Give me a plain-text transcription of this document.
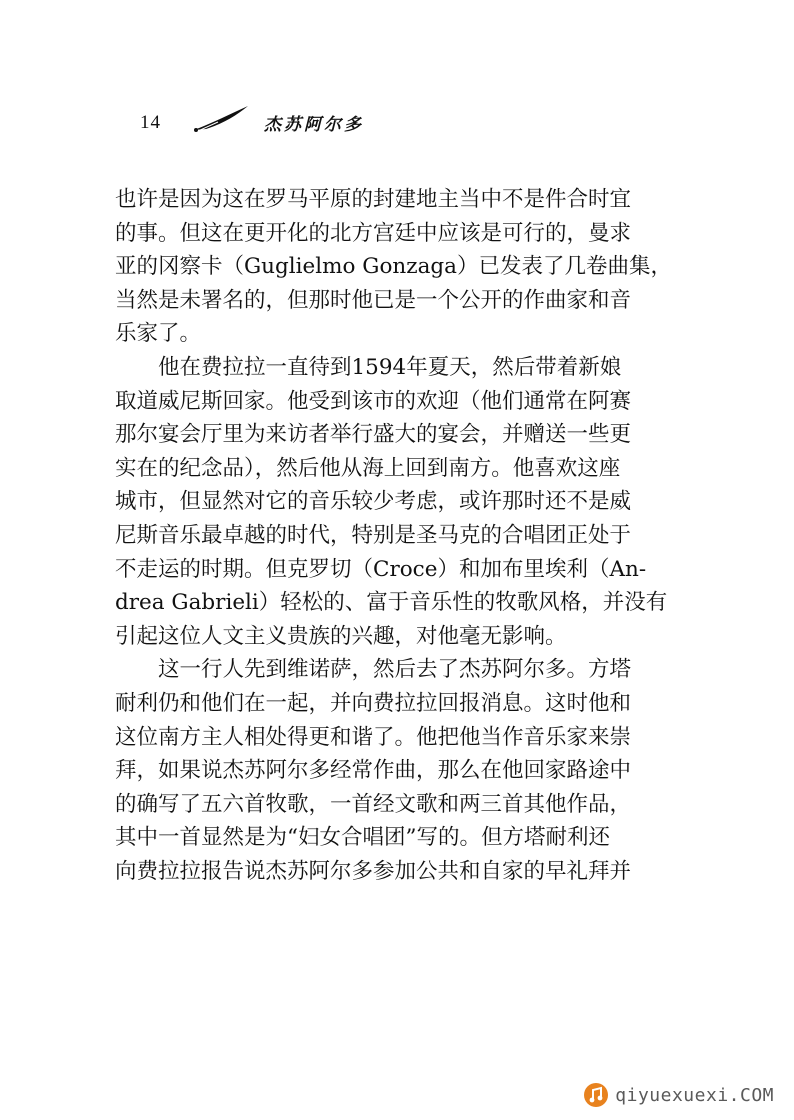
14	杰苏阿尔多
也许是因为这在罗马平原的封建地主当中不是件合时宜
的事。但这在更开化的北方宫廷中应该是可行的，曼求
亚的冈察卡（Guglielmo Gonzaga）已发表了几卷曲集，
当然是未署名的，但那时他已是一个公开的作曲家和音
乐家了。
他在费拉拉一直待到1594年夏天，然后带着新娘
取道威尼斯回家。他受到该市的欢迎（他们通常在阿赛
那尔宴会厅里为来访者举行盛大的宴会，并赠送一些更
实在的纪念品），然后他从海上回到南方。他喜欢这座
城市，但显然对它的音乐较少考虑，或许那时还不是威
尼斯音乐最卓越的时代，特别是圣马克的合唱团正处于
不走运的时期。但克罗切（Croce）和加布里埃利（An-
drea Gabrieli）轻松的、富于音乐性的牧歌风格，并没有
引起这位人文主义贵族的兴趣，对他毫无影响。
这一行人先到维诺萨，然后去了杰苏阿尔多。方塔
耐利仍和他们在一起，并向费拉拉回报消息。这时他和
这位南方主人相处得更和谐了。他把他当作音乐家来崇
拜，如果说杰苏阿尔多经常作曲，那么在他回家路途中
的确写了五六首牧歌，一首经文歌和两三首其他作品，
其中一首显然是为“妇女合唱团”写的。但方塔耐利还
向费拉拉报告说杰苏阿尔多参加公共和自家的早礼拜并
qiyuexuexi.COM
